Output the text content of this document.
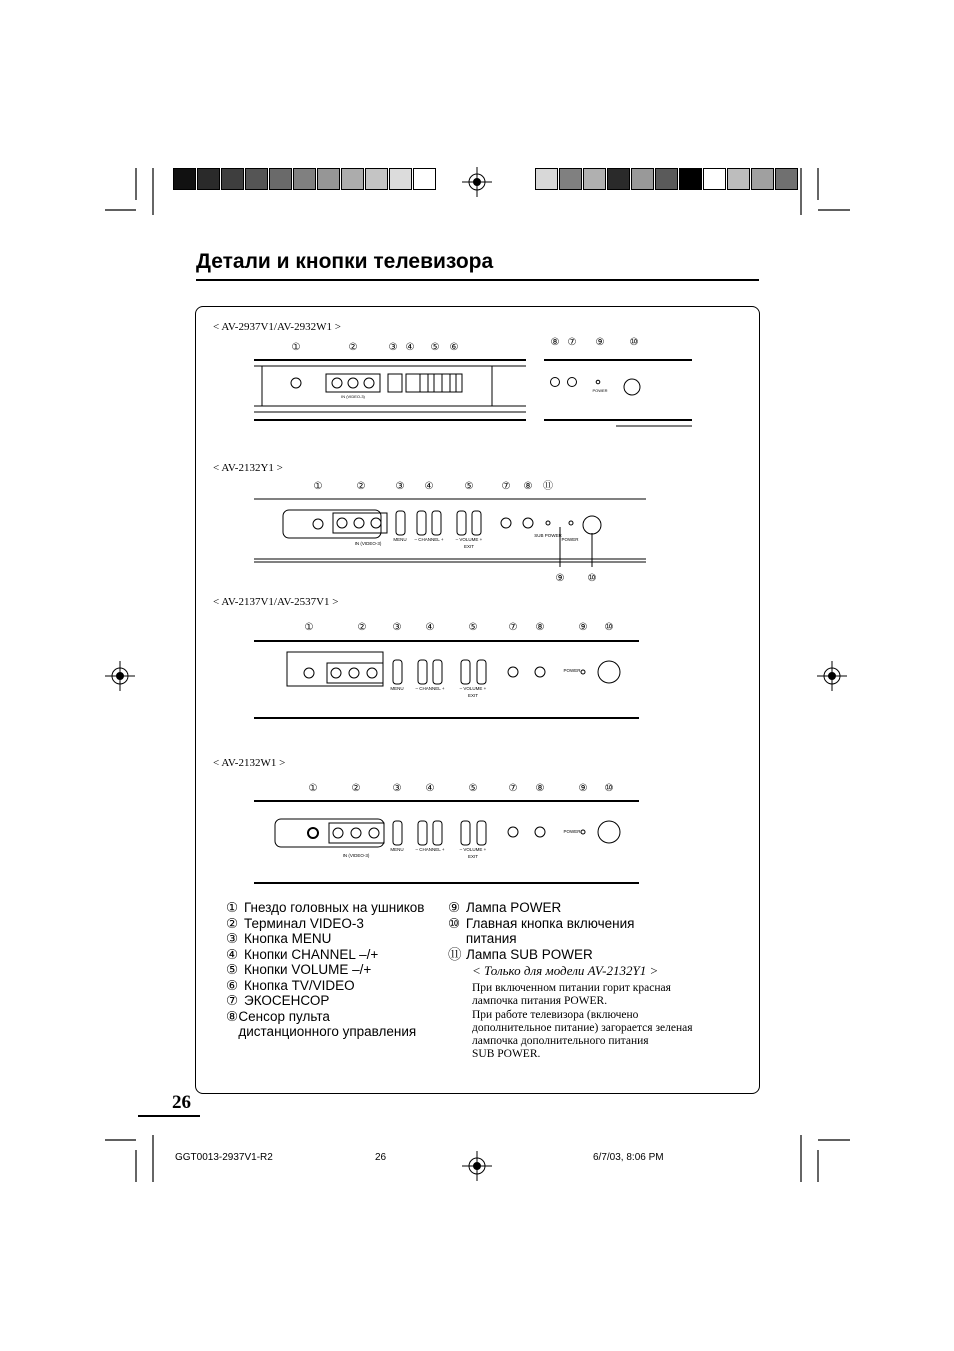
Детали и кнопки телевизора
< AV-2937V1/AV-2932W1 >
< AV-2132Y1 >
< AV-2137V1/AV-2537V1 >
< AV-2132W1 >
①	②	③ ④ ⑤ ⑥	⑧ ⑦ ⑨	⑩
IN (VIDEO-3)
POWER
①	②	③ ④	⑤	⑦ ⑧ ⑪
⑨ ⑩
IN (VIDEO-3)
MENU – CHANNEL +	– VOLUME +
EXIT
SUB POWER
POWER
①	②	③ ④	⑤	⑦ ⑧	⑨ ⑩
MENU	– CHANNEL +	– VOLUME +
EXIT
POWER
①	②	③ ④	⑤	⑦ ⑧	⑨ ⑩
IN (VIDEO-3)
MENU	– CHANNEL +	– VOLUME +
EXIT
POWER
① Гнездо головных на ушников
② Терминал VIDEO-3
③ Кнопка MENU
④ Кнопки CHANNEL –/+
⑤ Кнопки VOLUME –/+
⑥ Кнопка TV/VIDEO
⑦ ЭКОСЕНСОР
⑧ Сенсор пульта дистанционного управления
⑨ Лампа POWER
⑩ Главная кнопка включения питания
⑪ Лампа SUB POWER
< Только для модели AV-2132Y1 >
При включенном питании горит красная
лампочка питания POWER.
При работе телевизора (включено
дополнительное питание) загорается зеленая
лампочка дополнительного питания
SUB POWER.
26
GGT0013-2937V1-R2	26	6/7/03, 8:06 PM
